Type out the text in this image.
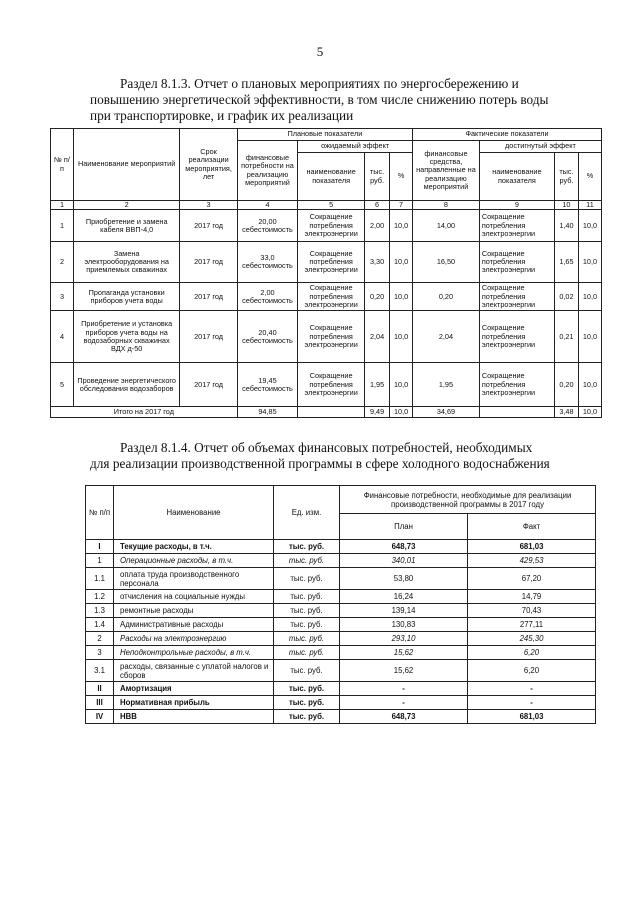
5
Раздел 8.1.3. Отчет о плановых мероприятиях по энергосбережению и
повышению энергетической эффективности, в том числе снижению потерь воды
при транспортировке, и график их реализации
№ п/п	Наименование мероприятий	Срок реализации мероприятия, лет	Плановые показатели				Фактические показатели			
			финансовые потребности на реализацию мероприятий	ожидаемый эффект			финансовые средства, направленные на реализацию мероприятий	достигнутый эффект		
				наименование показателя	тыс. руб.	%		наименование показателя	тыс. руб.	%
1	2	3	4	5	6	7	8	9	10	11
1	Приобретение и замена кабеля ВВП-4,0	2017 год	20,00 себестоимость	Сокращение потребления электроэнергии	2,00	10,0	14,00	Сокращение потребления электроэнергии	1,40	10,0
2	Замена электрооборудования на приемлемых скважинах	2017 год	33,0 себестоимость	Сокращение потребления электроэнергии	3,30	10,0	16,50	Сокращение потребления электроэнергии	1,65	10,0
3	Пропаганда установки приборов учета воды	2017 год	2,00 себестоимость	Сокращение потребления электроэнергии	0,20	10,0	0,20	Сокращение потребления электроэнергии	0,02	10,0
4	Приобретение и установка приборов учета воды на водозаборных скважинах ВДХ д-50	2017 год	20,40 себестоимость	Сокращение потребления электроэнергии	2,04	10,0	2,04	Сокращение потребления электроэнергии	0,21	10,0
5	Проведение энергетического обследования водозаборов	2017 год	19,45 себестоимость	Сокращение потребления электроэнергии	1,95	10,0	1,95	Сокращение потребления электроэнергии	0,20	10,0
Итого на 2017 год			94,85		9,49	10,0	34,69		3,48	10,0
Раздел 8.1.4. Отчет об объемах финансовых потребностей, необходимых
для реализации производственной программы в сфере холодного водоснабжения
№ п/п	Наименование	Ед. изм.	Финансовые потребности, необходимые для реализации производственной программы в 2017 году	
			План	Факт
I	Текущие расходы, в т.ч.	тыс. руб.	648,73	681,03
1	Операционные расходы, в т.ч.	тыс. руб.	340,01	429,53
1.1	оплата труда производственного персонала	тыс. руб.	53,80	67,20
1.2	отчисления на социальные нужды	тыс. руб.	16,24	14,79
1.3	ремонтные расходы	тыс. руб.	139,14	70,43
1.4	Административные расходы	тыс. руб.	130,83	277,11
2	Расходы на электроэнергию	тыс. руб.	293,10	245,30
3	Неподконтрольные расходы, в т.ч.	тыс. руб.	15,62	6,20
3.1	расходы, связанные с уплатой налогов и сборов	тыс. руб.	15,62	6,20
II	Амортизация	тыс. руб.	-	-
III	Нормативная прибыль	тыс. руб.	-	-
IV	НВВ	тыс. руб.	648,73	681,03
